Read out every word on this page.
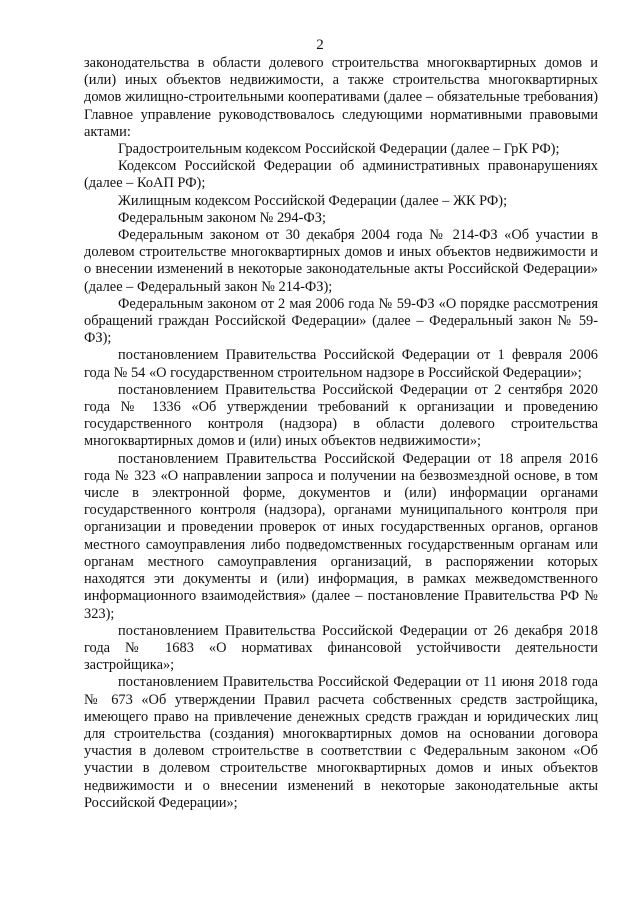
2

законодательства в области долевого строительства многоквартирных домов и (или) иных объектов недвижимости, а также строительства многоквартирных домов жилищно-строительными кооперативами (далее – обязательные требования) Главное управление руководствовалось следующими нормативными правовыми актами:

Градостроительным кодексом Российской Федерации (далее – ГрК РФ);

Кодексом Российской Федерации об административных правонарушениях (далее – КоАП РФ);

Жилищным кодексом Российской Федерации (далее – ЖК РФ);

Федеральным законом № 294-ФЗ;

Федеральным законом от 30 декабря 2004 года № 214-ФЗ «Об участии в долевом строительстве многоквартирных домов и иных объектов недвижимости и о внесении изменений в некоторые законодательные акты Российской Федерации» (далее – Федеральный закон № 214-ФЗ);

Федеральным законом от 2 мая 2006 года № 59-ФЗ «О порядке рассмотрения обращений граждан Российской Федерации» (далее – Федеральный закон № 59-ФЗ);

постановлением Правительства Российской Федерации от 1 февраля 2006 года № 54 «О государственном строительном надзоре в Российской Федерации»;

постановлением Правительства Российской Федерации от 2 сентября 2020 года № 1336 «Об утверждении требований к организации и проведению государственного контроля (надзора) в области долевого строительства многоквартирных домов и (или) иных объектов недвижимости»;

постановлением Правительства Российской Федерации от 18 апреля 2016 года № 323 «О направлении запроса и получении на безвозмездной основе, в том числе в электронной форме, документов и (или) информации органами государственного контроля (надзора), органами муниципального контроля при организации и проведении проверок от иных государственных органов, органов местного самоуправления либо подведомственных государственным органам или органам местного самоуправления организаций, в распоряжении которых находятся эти документы и (или) информация, в рамках межведомственного информационного взаимодействия» (далее – постановление Правительства РФ № 323);

постановлением Правительства Российской Федерации от 26 декабря 2018 года № 1683 «О нормативах финансовой устойчивости деятельности застройщика»;

постановлением Правительства Российской Федерации от 11 июня 2018 года № 673 «Об утверждении Правил расчета собственных средств застройщика, имеющего право на привлечение денежных средств граждан и юридических лиц для строительства (создания) многоквартирных домов на основании договора участия в долевом строительстве в соответствии с Федеральным законом «Об участии в долевом строительстве многоквартирных домов и иных объектов недвижимости и о внесении изменений в некоторые законодательные акты Российской Федерации»;
